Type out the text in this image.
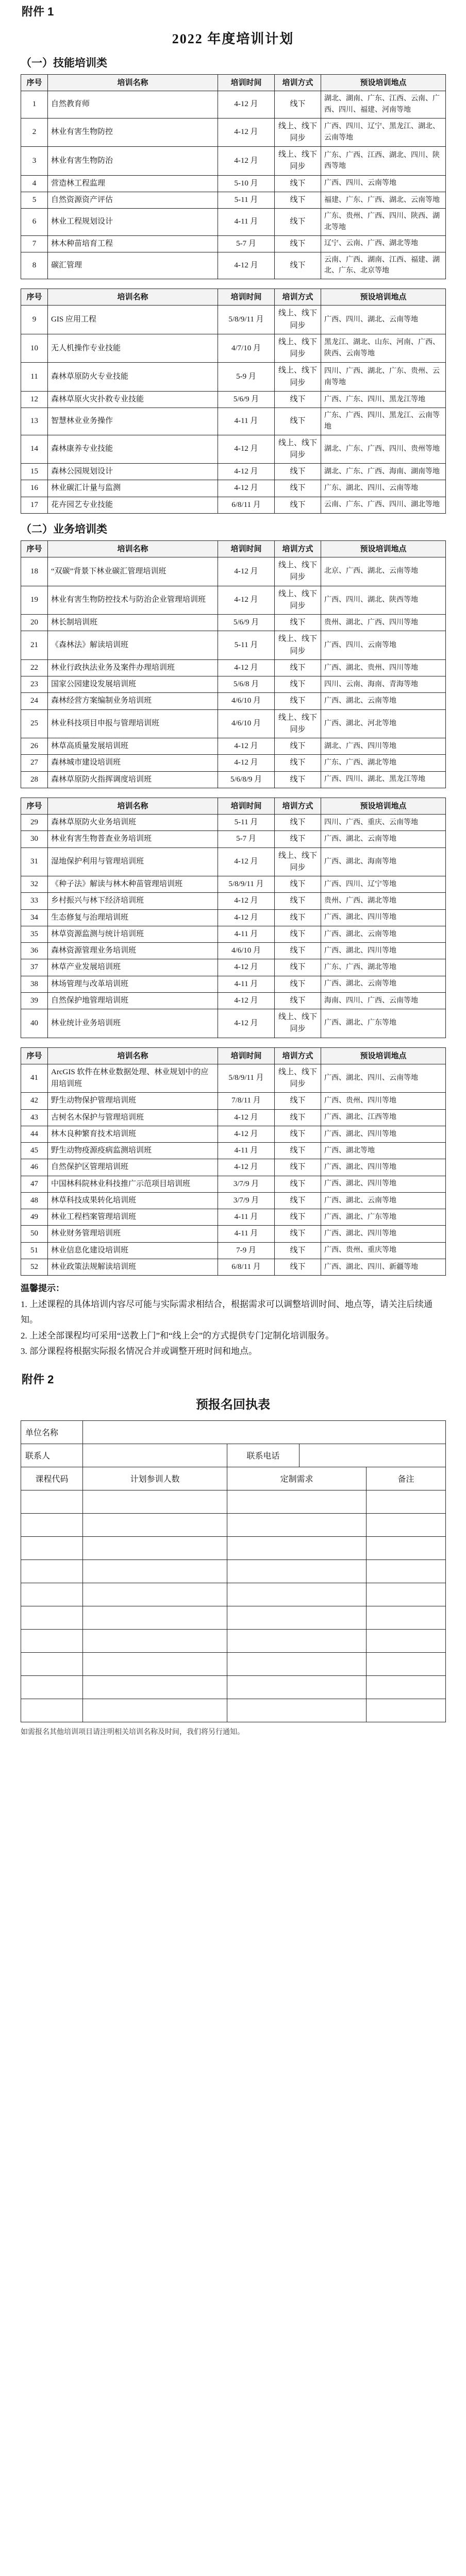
附件 1
2022 年度培训计划
（一）技能培训类
序号	培训名称	培训时间	培训方式	预设培训地点
1	自然教育师	4-12 月	线下	湖北、湖南、广东、江西、云南、广西、四川、福建、河南等地
2	林业有害生物防控	4-12 月	线上、线下同步	广西、四川、辽宁、黑龙江、湖北、云南等地
3	林业有害生物防治	4-12 月	线上、线下同步	广东、广西、江西、湖北、四川、陕西等地
4	营造林工程监理	5-10 月	线下	广西、四川、云南等地
5	自然资源资产评估	5-11 月	线下	福建、广东、广西、湖北、云南等地
6	林业工程规划设计	4-11 月	线下	广东、贵州、广西、四川、陕西、湖北等地
7	林木种苗培育工程	5-7 月	线下	辽宁、云南、广西、湖北等地
8	碳汇管理	4-12 月	线下	云南、广西、湖南、江西、福建、湖北、广东、北京等地
序号	培训名称	培训时间	培训方式	预设培训地点
9	GIS 应用工程	5/8/9/11 月	线上、线下同步	广西、四川、湖北、云南等地
10	无人机操作专业技能	4/7/10 月	线上、线下同步	黑龙江、湖北、山东、河南、广西、陕西、云南等地
11	森林草原防火专业技能	5-9 月	线上、线下同步	四川、广西、湖北、广东、贵州、云南等地
12	森林草原火灾扑救专业技能	5/6/9 月	线下	广西、广东、四川、黑龙江等地
13	智慧林业业务操作	4-11 月	线下	广东、广西、四川、黑龙江、云南等地
14	森林康养专业技能	4-12 月	线上、线下同步	湖北、广东、广西、四川、贵州等地
15	森林公园规划设计	4-12 月	线下	湖北、广东、广西、海南、湖南等地
16	林业碳汇计量与监测	4-12 月	线下	广东、湖北、四川、云南等地
17	花卉园艺专业技能	6/8/11 月	线下	云南、广东、广西、四川、湖北等地
（二）业务培训类
序号	培训名称	培训时间	培训方式	预设培训地点
18	“双碳”背景下林业碳汇管理培训班	4-12 月	线上、线下同步	北京、广西、湖北、云南等地
19	林业有害生物防控技术与防治企业管理培训班	4-12 月	线上、线下同步	广西、四川、湖北、陕西等地
20	林长制培训班	5/6/9 月	线下	贵州、湖北、广西、四川等地
21	《森林法》解读培训班	5-11 月	线上、线下同步	广西、四川、云南等地
22	林业行政执法业务及案件办理培训班	4-12 月	线下	广西、湖北、贵州、四川等地
23	国家公园建设发展培训班	5/6/8 月	线下	四川、云南、海南、青海等地
24	森林经营方案编制业务培训班	4/6/10 月	线下	广西、湖北、云南等地
25	林业科技项目申报与管理培训班	4/6/10 月	线上、线下同步	广西、湖北、河北等地
26	林草高质量发展培训班	4-12 月	线下	湖北、广西、四川等地
27	森林城市建设培训班	4-12 月	线下	广东、广西、湖北等地
28	森林草原防火指挥调度培训班	5/6/8/9 月	线下	广西、四川、湖北、黑龙江等地
序号	培训名称	培训时间	培训方式	预设培训地点
29	森林草原防火业务培训班	5-11 月	线下	四川、广西、重庆、云南等地
30	林业有害生物普查业务培训班	5-7 月	线下	广西、湖北、云南等地
31	湿地保护利用与管理培训班	4-12 月	线上、线下同步	广西、湖北、海南等地
32	《种子法》解读与林木种苗管理培训班	5/8/9/11 月	线下	广西、四川、辽宁等地
33	乡村振兴与林下经济培训班	4-12 月	线下	贵州、广西、湖北等地
34	生态修复与治理培训班	4-12 月	线下	广西、湖北、四川等地
35	林草资源监测与统计培训班	4-11 月	线下	广西、湖北、云南等地
36	森林资源管理业务培训班	4/6/10 月	线下	广西、湖北、四川等地
37	林草产业发展培训班	4-12 月	线下	广东、广西、湖北等地
38	林场管理与改革培训班	4-11 月	线下	广西、湖北、云南等地
39	自然保护地管理培训班	4-12 月	线下	海南、四川、广西、云南等地
40	林业统计业务培训班	4-12 月	线上、线下同步	广西、湖北、广东等地
序号	培训名称	培训时间	培训方式	预设培训地点
41	ArcGIS 软件在林业数据处理、林业规划中的应用培训班	5/8/9/11 月	线上、线下同步	广西、湖北、四川、云南等地
42	野生动物保护管理培训班	7/8/11 月	线下	广西、贵州、四川等地
43	古树名木保护与管理培训班	4-12 月	线下	广西、湖北、江西等地
44	林木良种繁育技术培训班	4-12 月	线下	广西、湖北、四川等地
45	野生动物疫源疫病监测培训班	4-11 月	线下	广西、湖北等地
46	自然保护区管理培训班	4-12 月	线下	广西、湖北、四川等地
47	中国林科院林业科技推广示范项目培训班	3/7/9 月	线下	广西、湖北、四川等地
48	林草科技成果转化培训班	3/7/9 月	线下	广西、湖北、云南等地
49	林业工程档案管理培训班	4-11 月	线下	广西、湖北、广东等地
50	林业财务管理培训班	4-11 月	线下	广西、湖北、四川等地
51	林业信息化建设培训班	7-9 月	线下	广西、贵州、重庆等地
52	林业政策法规解读培训班	6/8/11 月	线下	广西、湖北、四川、新疆等地
温馨提示：
1. 上述课程的具体培训内容尽可能与实际需求相结合，根据需求可以调整培训时间、地点等，请关注后续通知。
2. 上述全部课程均可采用“送教上门”和“线上会”的方式提供专门定制化培训服务。
3. 部分课程将根据实际报名情况合并或调整开班时间和地点。
附件 2
预报名回执表
单位名称				
联系人		联系电话		
课程代码	计划参训人数	定制需求		备注

如需报名其他培训项目请注明相关培训名称及时间，我们将另行通知。
